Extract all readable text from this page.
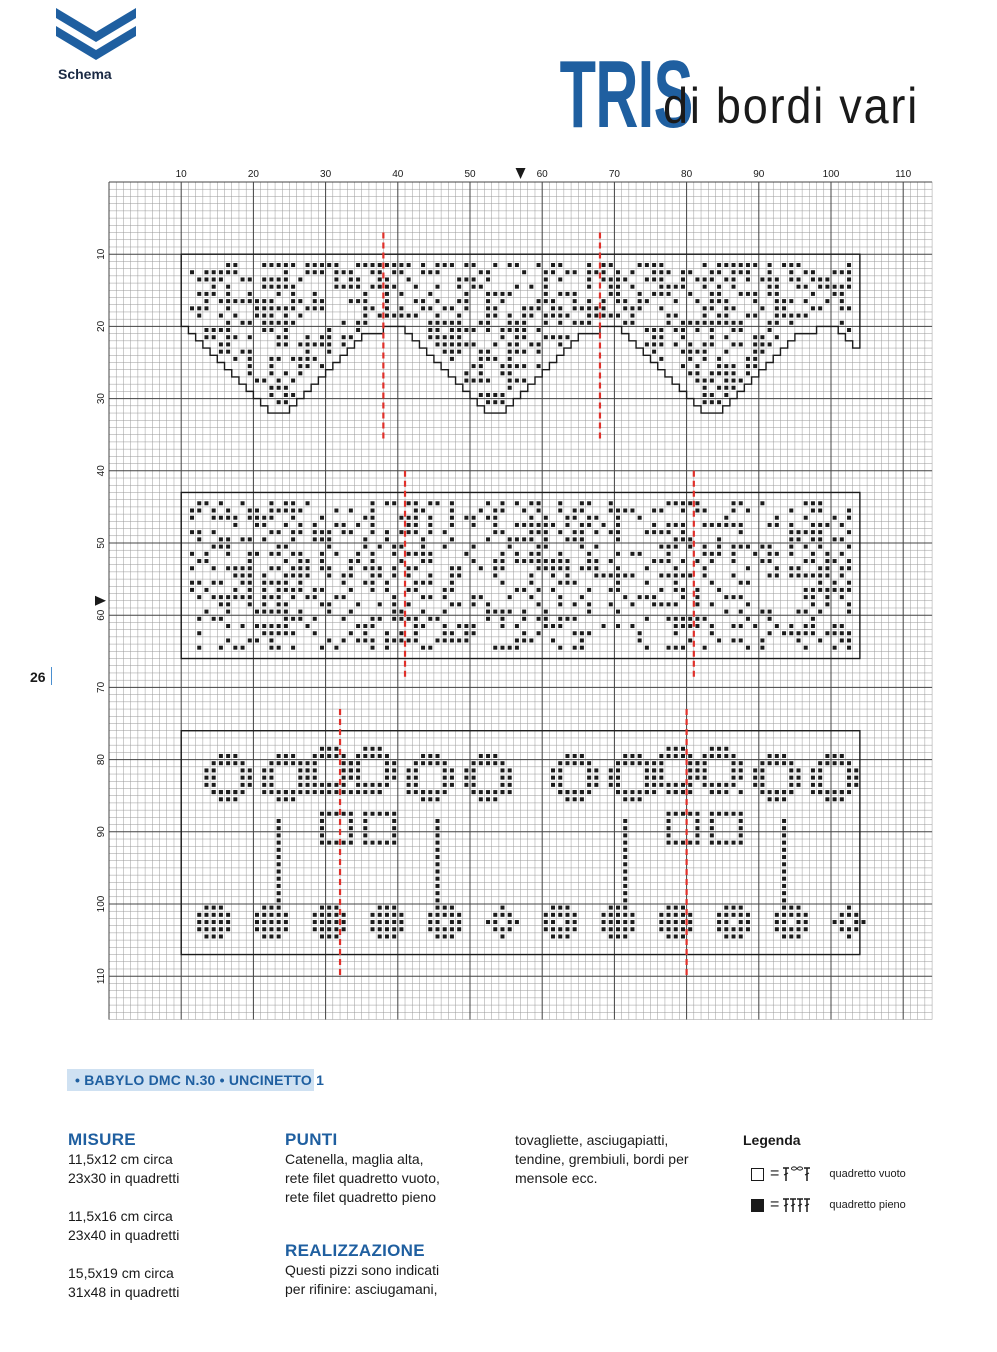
Schema	TRIS
di bordi vari
26
10	20	30	40	50	60	70	80	90	100	110
10
20
30
40
50
60
70
80
90
100
110
• BABYLO DMC N.30 • UNCINETTO 1
MISURE
11,5x12 cm circa
23x30 in quadretti
11,5x16 cm circa
23x40 in quadretti
15,5x19 cm circa
31x48 in quadretti
PUNTI
Catenella, maglia alta,
rete filet quadretto vuoto,
rete filet quadretto pieno
REALIZZAZIONE
Questi pizzi sono indicati
per rifinire: asciugamani,
tovagliette, asciugapiatti,
tendine, grembiuli, bordi per
mensole ecc.
Legenda
=	quadretto vuoto
=	quadretto pieno
